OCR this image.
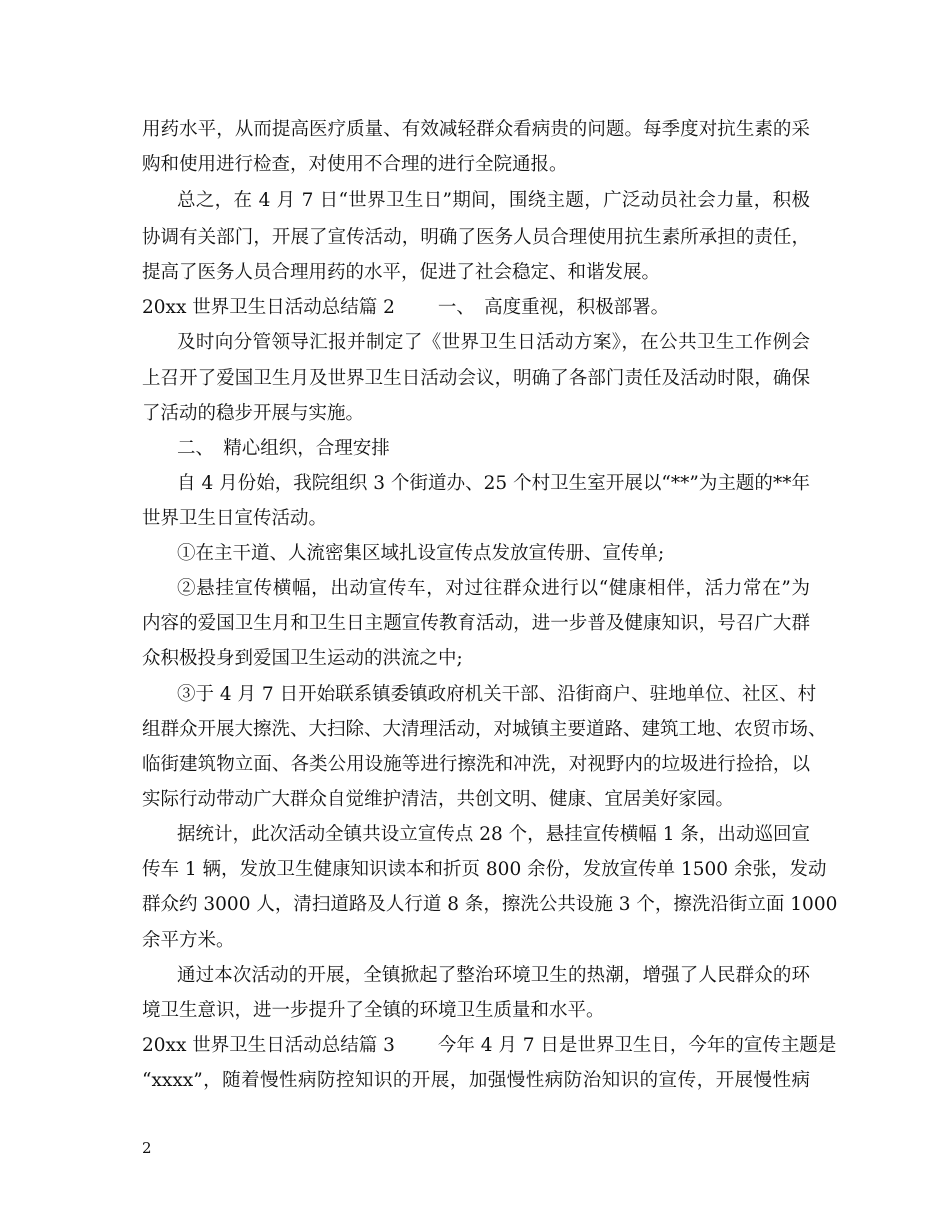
用药水平，从而提高医疗质量、有效减轻群众看病贵的问题。每季度对抗生素的采
购和使用进行检查，对使用不合理的进行全院通报。
总之，在 4 月 7 日“世界卫生日”期间，围绕主题，广泛动员社会力量，积极
协调有关部门，开展了宣传活动，明确了医务人员合理使用抗生素所承担的责任，
提高了医务人员合理用药的水平，促进了社会稳定、和谐发展。
20xx 世界卫生日活动总结篇 2　　 一、　高度重视，积极部署。
及时向分管领导汇报并制定了《世界卫生日活动方案》，在公共卫生工作例会
上召开了爱国卫生月及世界卫生日活动会议，明确了各部门责任及活动时限，确保
了活动的稳步开展与实施。
二、　精心组织，合理安排
自 4 月份始，我院组织 3 个街道办、25 个村卫生室开展以“**”为主题的**年
世界卫生日宣传活动。
①在主干道、人流密集区域扎设宣传点发放宣传册、宣传单;
②悬挂宣传横幅，出动宣传车，对过往群众进行以“健康相伴，活力常在”为
内容的爱国卫生月和卫生日主题宣传教育活动，进一步普及健康知识，号召广大群
众积极投身到爱国卫生运动的洪流之中;
③于 4 月 7 日开始联系镇委镇政府机关干部、沿街商户、驻地单位、社区、村
组群众开展大擦洗、大扫除、大清理活动，对城镇主要道路、建筑工地、农贸市场、
临街建筑物立面、各类公用设施等进行擦洗和冲洗，对视野内的垃圾进行捡拾，以
实际行动带动广大群众自觉维护清洁，共创文明、健康、宜居美好家园。
据统计，此次活动全镇共设立宣传点 28 个，悬挂宣传横幅 1 条，出动巡回宣
传车 1 辆，发放卫生健康知识读本和折页 800 余份，发放宣传单 1500 余张，发动
群众约 3000 人，清扫道路及人行道 8 条，擦洗公共设施 3 个，擦洗沿街立面 1000
余平方米。
通过本次活动的开展，全镇掀起了整治环境卫生的热潮，增强了人民群众的环
境卫生意识，进一步提升了全镇的环境卫生质量和水平。
20xx 世界卫生日活动总结篇 3　　 今年 4 月 7 日是世界卫生日，今年的宣传主题是
“xxxx”，随着慢性病防控知识的开展，加强慢性病防治知识的宣传，开展慢性病
2
